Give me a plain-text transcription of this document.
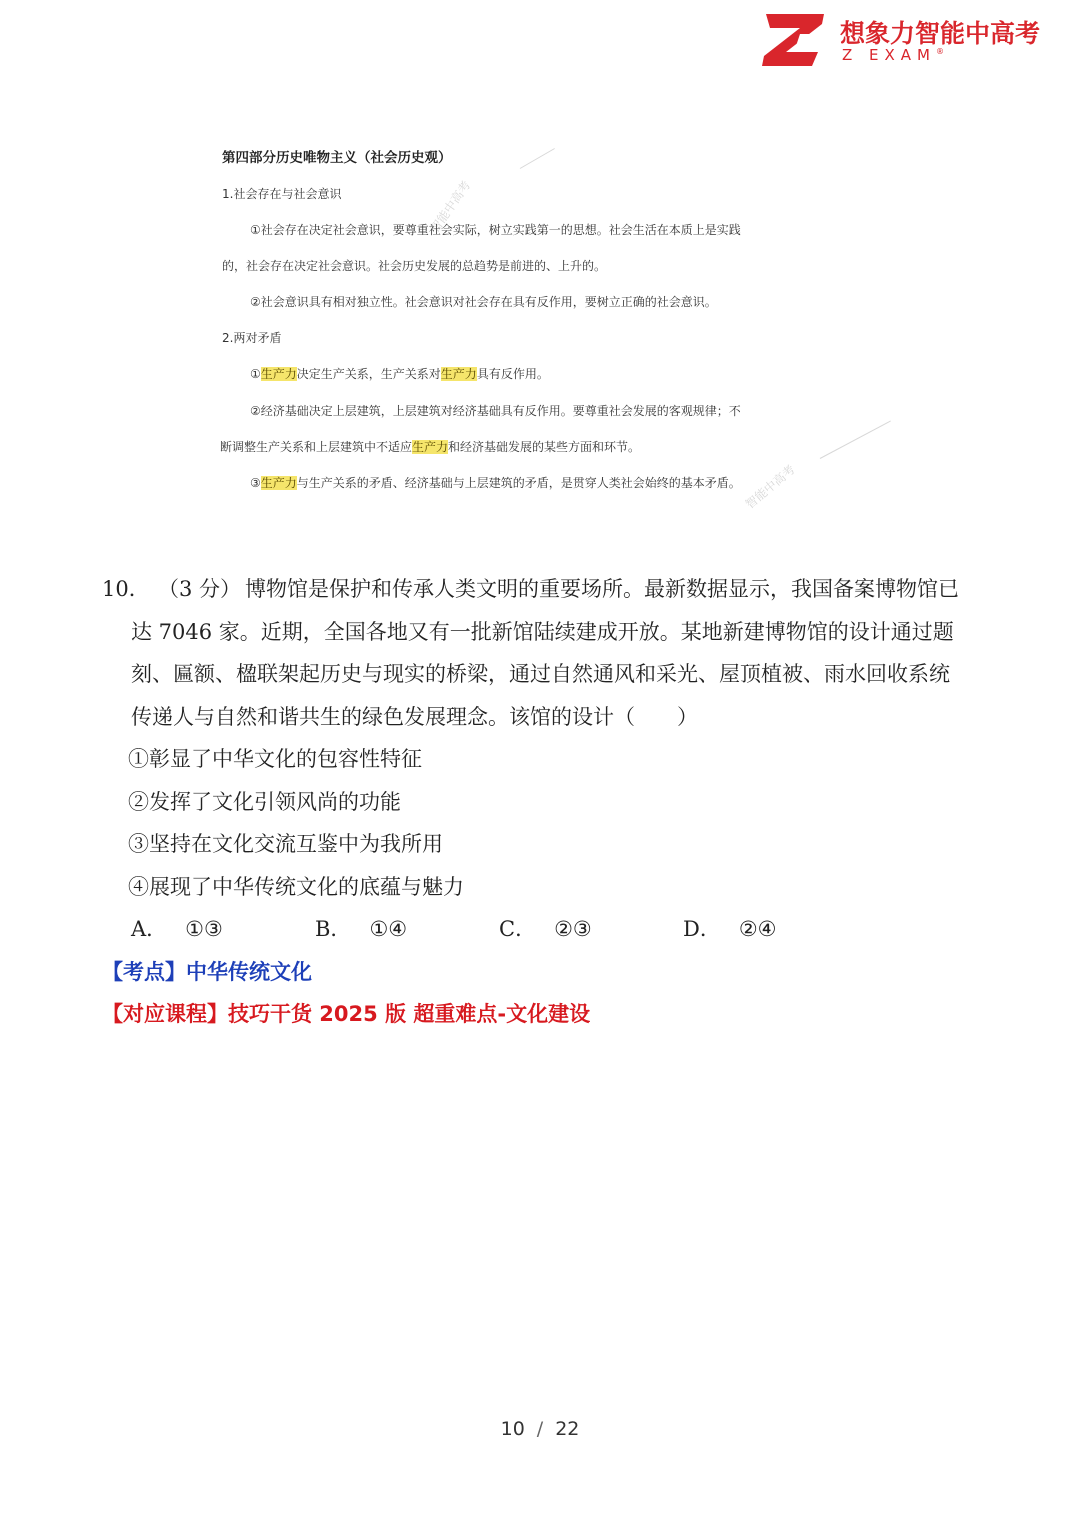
想象力智能中高考
Z EXAM®
智能中高考
智能中高考
第四部分历史唯物主义（社会历史观）
1.社会存在与社会意识
①社会存在决定社会意识，要尊重社会实际，树立实践第一的思想。社会生活在本质上是实践
的，社会存在决定社会意识。社会历史发展的总趋势是前进的、上升的。
②社会意识具有相对独立性。社会意识对社会存在具有反作用，要树立正确的社会意识。
2.两对矛盾
①生产力决定生产关系，生产关系对生产力具有反作用。
②经济基础决定上层建筑，上层建筑对经济基础具有反作用。要尊重社会发展的客观规律；不
断调整生产关系和上层建筑中不适应生产力和经济基础发展的某些方面和环节。
③生产力与生产关系的矛盾、经济基础与上层建筑的矛盾，是贯穿人类社会始终的基本矛盾。
10． （3 分） 博物馆是保护和传承人类文明的重要场所。最新数据显示，我国备案博物馆已
达 7046 家。近期，全国各地又有一批新馆陆续建成开放。某地新建博物馆的设计通过题
刻、匾额、楹联架起历史与现实的桥梁，通过自然通风和采光、屋顶植被、雨水回收系统
传递人与自然和谐共生的绿色发展理念。该馆的设计（　　）
①彰显了中华文化的包容性特征
②发挥了文化引领风尚的功能
③坚持在文化交流互鉴中为我所用
④展现了中华传统文化的底蕴与魅力
A． ①③	B． ①④	C． ②③	D． ②④
【考点】中华传统文化
【对应课程】技巧干货 2025 版 超重难点-文化建设
10 / 22
